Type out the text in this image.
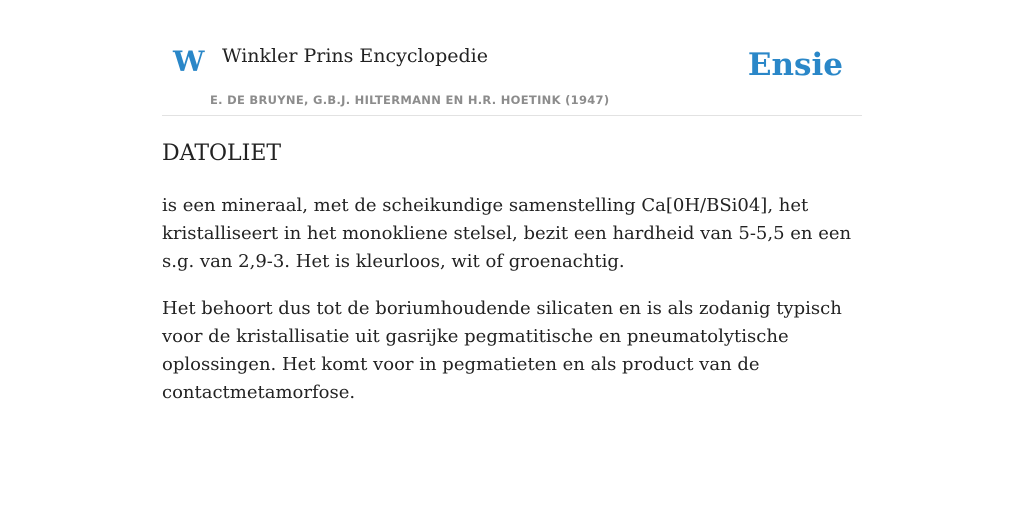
W Winkler Prins Encyclopedie
E. DE BRUYNE, G.B.J. HILTERMANN EN H.R. HOETINK (1947)
Ensie
DATOLIET

is een mineraal, met de scheikundige samenstelling Ca[0H/BSi04], het kristalliseert in het monokliene stelsel, bezit een hardheid van 5-5,5 en een s.g. van 2,9-3. Het is kleurloos, wit of groenachtig.

Het behoort dus tot de boriumhoudende silicaten en is als zodanig typisch voor de kristallisatie uit gasrijke pegmatitische en pneumatolytische oplossingen. Het komt voor in pegmatieten en als product van de contactmetamorfose.
